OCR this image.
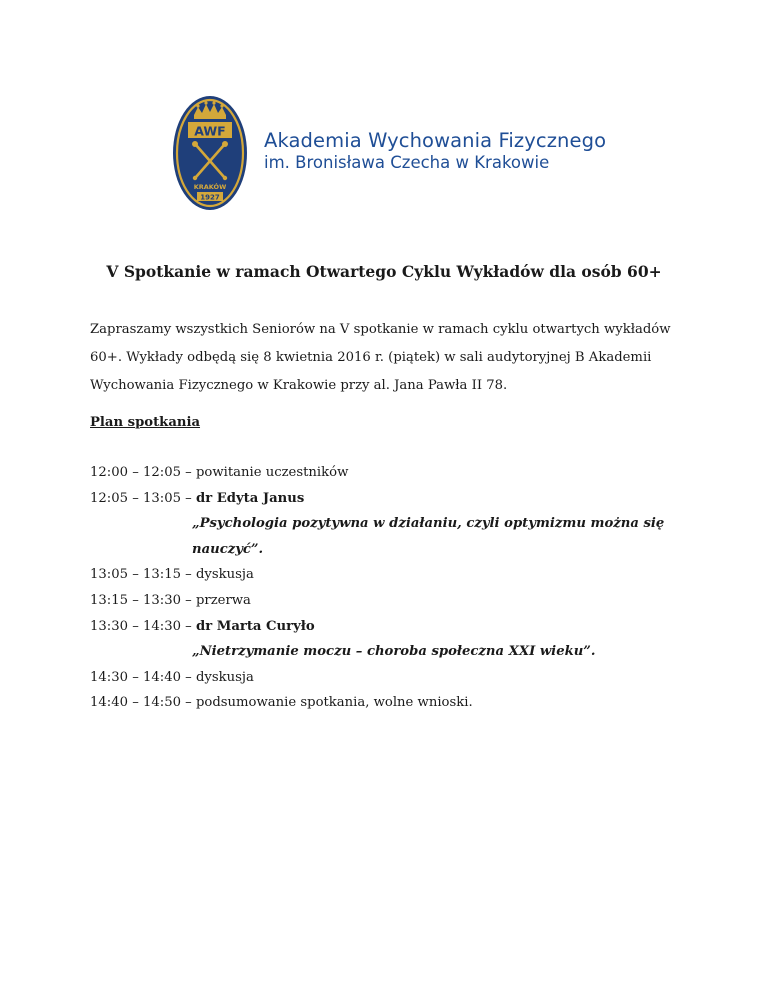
AWF
KRAKÓW
1927
Akademia Wychowania Fizycznego
im. Bronisława Czecha w Krakowie
V Spotkanie w ramach Otwartego Cyklu Wykładów dla osób 60+
Zapraszamy wszystkich Seniorów na V spotkanie w ramach cyklu otwartych wykładów
60+. Wykłady odbędą się 8 kwietnia 2016 r. (piątek) w sali audytoryjnej B Akademii
Wychowania Fizycznego w Krakowie przy al. Jana Pawła II 78.
Plan spotkania
12:00 – 12:05 – powitanie uczestników
12:05 – 13:05 – dr Edyta Janus
„Psychologia pozytywna w działaniu, czyli optymizmu można się
nauczyć”.
13:05 – 13:15 – dyskusja
13:15 – 13:30 – przerwa
13:30 – 14:30 – dr Marta Curyło
„Nietrzymanie moczu – choroba społeczna XXI wieku”.
14:30 – 14:40 – dyskusja
14:40 – 14:50 – podsumowanie spotkania, wolne wnioski.
